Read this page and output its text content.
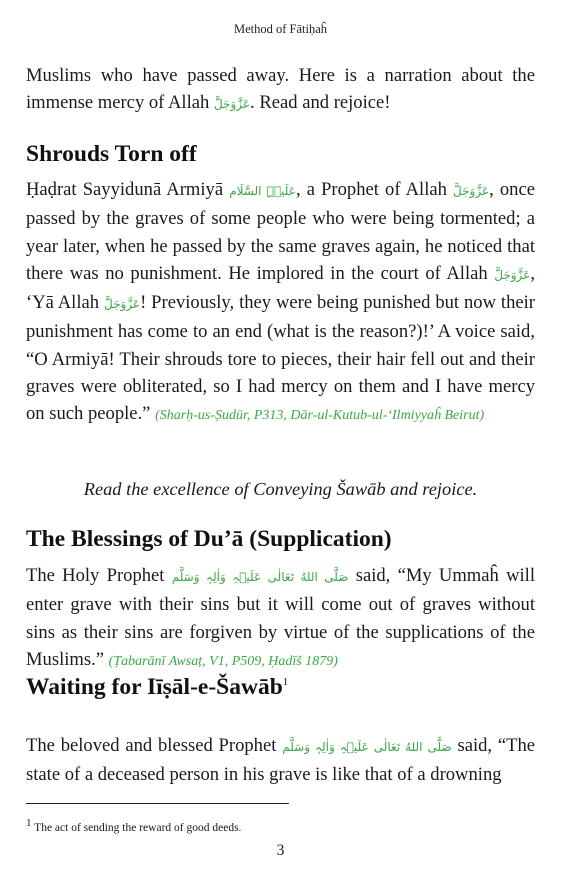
Method of Fātiḥaĥ

Muslims who have passed away. Here is a narration about the immense mercy of Allah عَزَّوَجَلَّ. Read and rejoice!

Shrouds Torn off

Ḥaḍrat Sayyidunā Armiyā عَلَیۡہِ السَّلَام, a Prophet of Allah عَزَّوَجَلَّ, once passed by the graves of some people who were being tormented; a year later, when he passed by the same graves again, he noticed that there was no punishment. He implored in the court of Allah عَزَّوَجَلَّ, ‘Yā Allah عَزَّوَجَلَّ! Previously, they were being punished but now their punishment has come to an end (what is the reason?)!’ A voice said, “O Armiyā! Their shrouds tore to pieces, their hair fell out and their graves were obliterated, so I had mercy on them and I have mercy on such people.” (Sharḥ-us-Ṣudūr, P313, Dār-ul-Kutub-ul-‘Ilmiyyaĥ Beirut)

Read the excellence of Conveying Šawāb and rejoice.

The Blessings of Du’ā (Supplication)

The Holy Prophet صَلَّی اللهُ تَعَالٰی عَلَیۡہِ وَاٰلِہٖ وَسَلَّم said, “My Ummaĥ will enter grave with their sins but it will come out of graves without sins as their sins are forgiven by virtue of the supplications of the Muslims.” (Ṭabarānī Awsaṭ, V1, P509, Ḥadīš 1879)

Waiting for Iīṣāl-e-Šawāb$^1$

The beloved and blessed Prophet صَلَّی اللهُ تَعَالٰی عَلَیۡہِ وَاٰلِہٖ وَسَلَّم said, “The state of a deceased person in his grave is like that of a drowning

$^1$ The act of sending the reward of good deeds.

3
